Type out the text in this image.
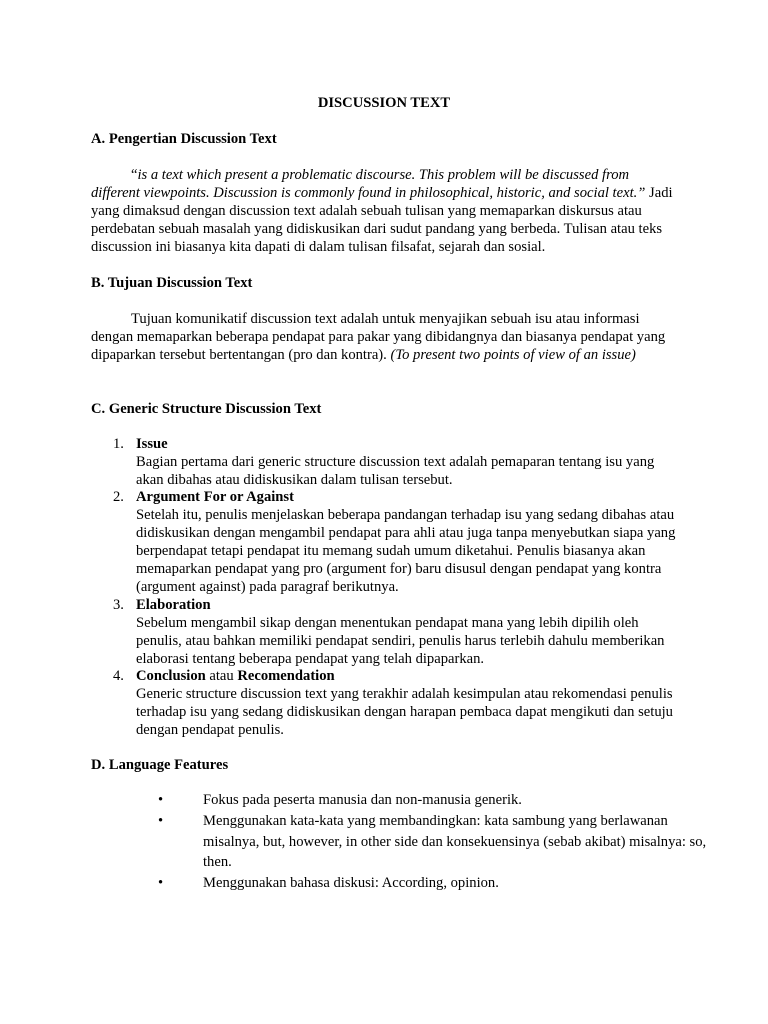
DISCUSSION TEXT

A. Pengertian Discussion Text

“is a text which present a problematic discourse. This problem will be discussed from different viewpoints. Discussion is commonly found in philosophical, historic, and social text.” Jadi yang dimaksud dengan discussion text adalah sebuah tulisan yang memaparkan diskursus atau perdebatan sebuah masalah yang didiskusikan dari sudut pandang yang berbeda. Tulisan atau teks discussion ini biasanya kita dapati di dalam tulisan filsafat, sejarah dan sosial.

B. Tujuan Discussion Text

Tujuan komunikatif discussion text adalah untuk menyajikan sebuah isu atau informasi dengan memaparkan beberapa pendapat para pakar yang dibidangnya dan biasanya pendapat yang dipaparkan tersebut bertentangan (pro dan kontra). (To present two points of view of an issue)

C. Generic Structure Discussion Text

1. Issue
Bagian pertama dari generic structure discussion text adalah pemaparan tentang isu yang akan dibahas atau didiskusikan dalam tulisan tersebut.
2. Argument For or Against
Setelah itu, penulis menjelaskan beberapa pandangan terhadap isu yang sedang dibahas atau didiskusikan dengan mengambil pendapat para ahli atau juga tanpa menyebutkan siapa yang berpendapat tetapi pendapat itu memang sudah umum diketahui. Penulis biasanya akan memaparkan pendapat yang pro (argument for) baru disusul dengan pendapat yang kontra (argument against) pada paragraf berikutnya.
3. Elaboration
Sebelum mengambil sikap dengan menentukan pendapat mana yang lebih dipilih oleh penulis, atau bahkan memiliki pendapat sendiri, penulis harus terlebih dahulu memberikan elaborasi tentang beberapa pendapat yang telah dipaparkan.
4. Conclusion atau Recomendation
Generic structure discussion text yang terakhir adalah kesimpulan atau rekomendasi penulis terhadap isu yang sedang didiskusikan dengan harapan pembaca dapat mengikuti dan setuju dengan pendapat penulis.

D. Language Features

•	Fokus pada peserta manusia dan non-manusia generik.
•	Menggunakan kata-kata yang membandingkan: kata sambung yang berlawanan misalnya, but, however, in other side dan konsekuensinya (sebab akibat) misalnya: so, then.
•	Menggunakan bahasa diskusi: According, opinion.
